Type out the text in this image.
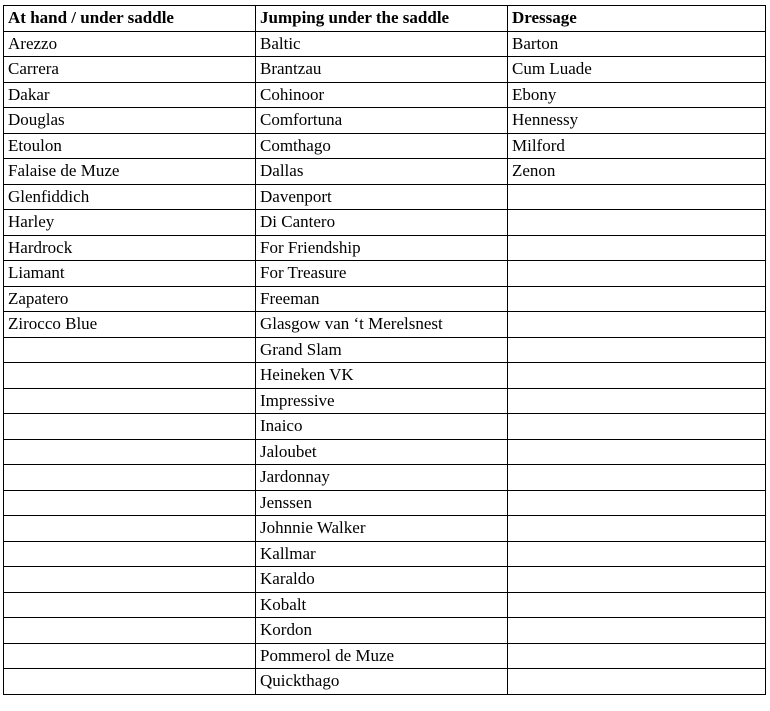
At hand / under saddle	Jumping under the saddle	Dressage
Arezzo	Baltic	Barton
Carrera	Brantzau	Cum Luade
Dakar	Cohinoor	Ebony
Douglas	Comfortuna	Hennessy
Etoulon	Comthago	Milford
Falaise de Muze	Dallas	Zenon
Glenfiddich	Davenport	
Harley	Di Cantero	
Hardrock	For Friendship	
Liamant	For Treasure	
Zapatero	Freeman	
Zirocco Blue	Glasgow van ‘t Merelsnest	
	Grand Slam	
	Heineken VK	
	Impressive	
	Inaico	
	Jaloubet	
	Jardonnay	
	Jenssen	
	Johnnie Walker	
	Kallmar	
	Karaldo	
	Kobalt	
	Kordon	
	Pommerol de Muze	
	Quickthago	
